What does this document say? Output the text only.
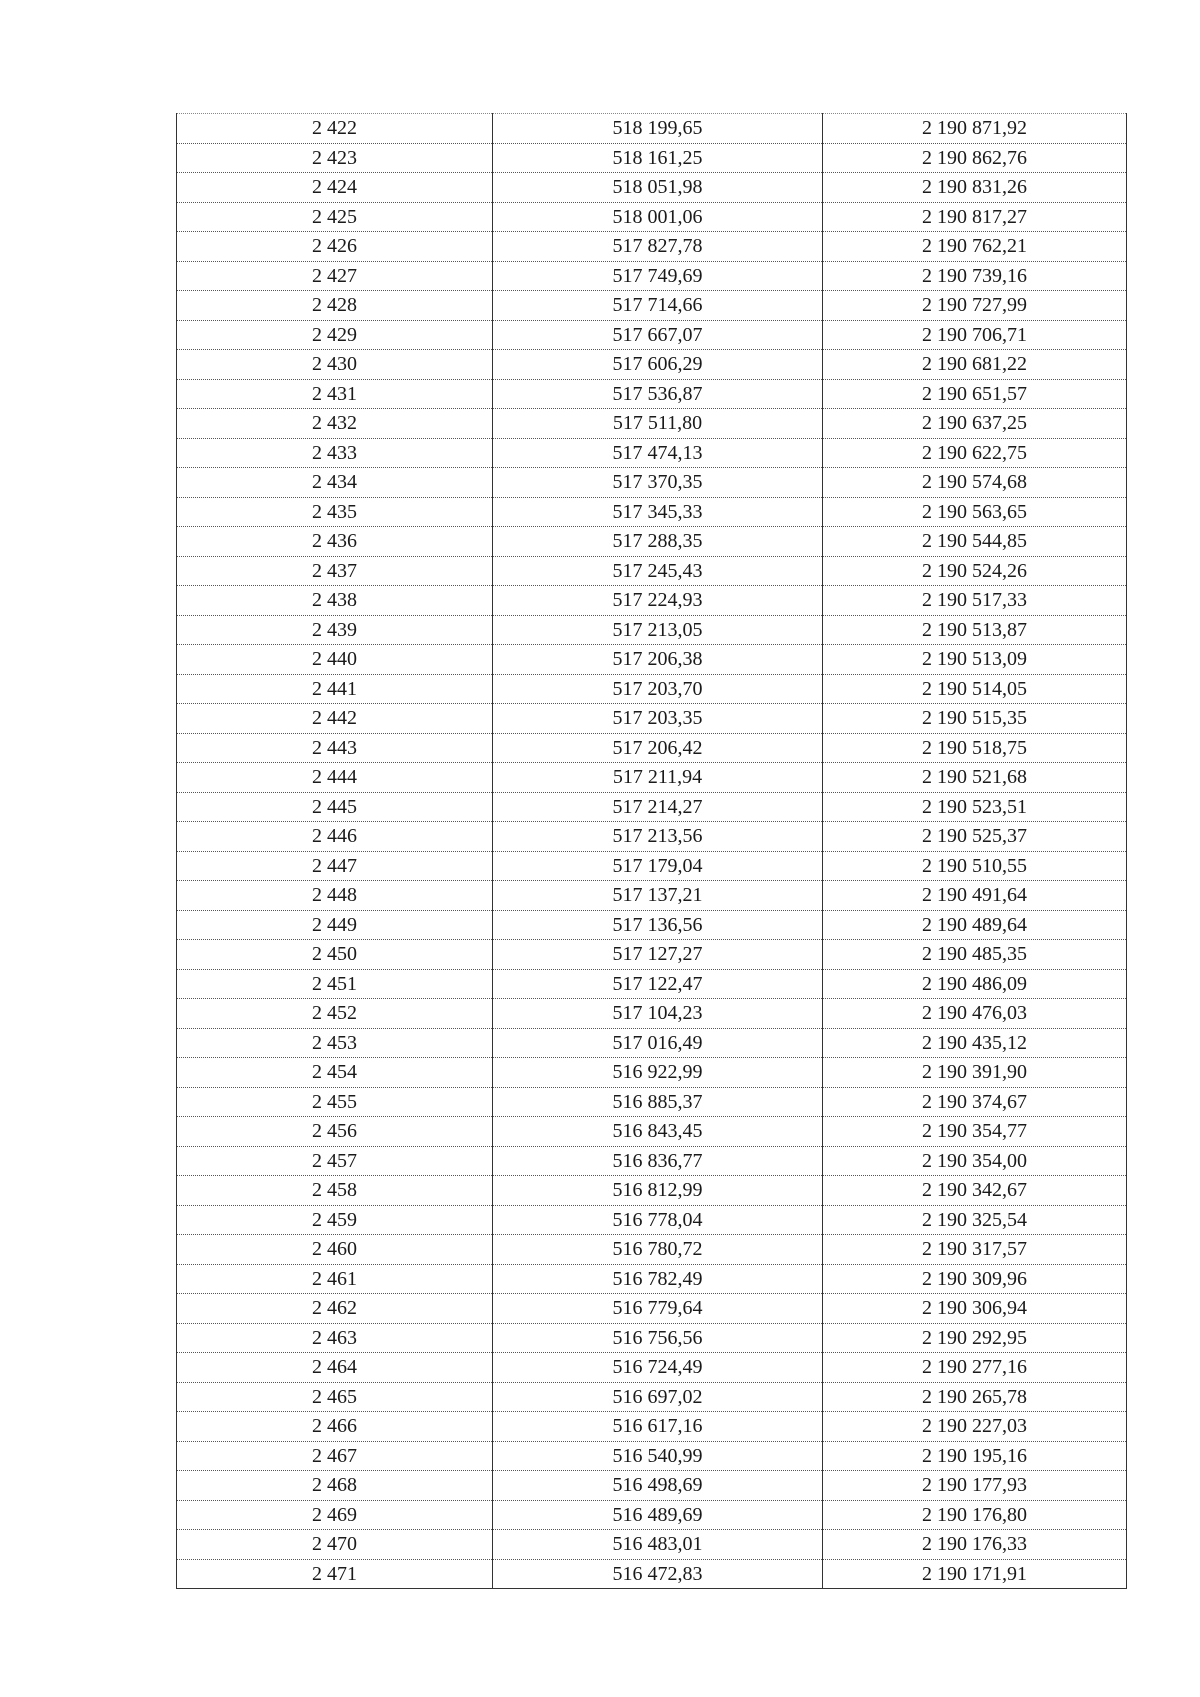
2 422	518 199,65	2 190 871,92
2 423	518 161,25	2 190 862,76
2 424	518 051,98	2 190 831,26
2 425	518 001,06	2 190 817,27
2 426	517 827,78	2 190 762,21
2 427	517 749,69	2 190 739,16
2 428	517 714,66	2 190 727,99
2 429	517 667,07	2 190 706,71
2 430	517 606,29	2 190 681,22
2 431	517 536,87	2 190 651,57
2 432	517 511,80	2 190 637,25
2 433	517 474,13	2 190 622,75
2 434	517 370,35	2 190 574,68
2 435	517 345,33	2 190 563,65
2 436	517 288,35	2 190 544,85
2 437	517 245,43	2 190 524,26
2 438	517 224,93	2 190 517,33
2 439	517 213,05	2 190 513,87
2 440	517 206,38	2 190 513,09
2 441	517 203,70	2 190 514,05
2 442	517 203,35	2 190 515,35
2 443	517 206,42	2 190 518,75
2 444	517 211,94	2 190 521,68
2 445	517 214,27	2 190 523,51
2 446	517 213,56	2 190 525,37
2 447	517 179,04	2 190 510,55
2 448	517 137,21	2 190 491,64
2 449	517 136,56	2 190 489,64
2 450	517 127,27	2 190 485,35
2 451	517 122,47	2 190 486,09
2 452	517 104,23	2 190 476,03
2 453	517 016,49	2 190 435,12
2 454	516 922,99	2 190 391,90
2 455	516 885,37	2 190 374,67
2 456	516 843,45	2 190 354,77
2 457	516 836,77	2 190 354,00
2 458	516 812,99	2 190 342,67
2 459	516 778,04	2 190 325,54
2 460	516 780,72	2 190 317,57
2 461	516 782,49	2 190 309,96
2 462	516 779,64	2 190 306,94
2 463	516 756,56	2 190 292,95
2 464	516 724,49	2 190 277,16
2 465	516 697,02	2 190 265,78
2 466	516 617,16	2 190 227,03
2 467	516 540,99	2 190 195,16
2 468	516 498,69	2 190 177,93
2 469	516 489,69	2 190 176,80
2 470	516 483,01	2 190 176,33
2 471	516 472,83	2 190 171,91
